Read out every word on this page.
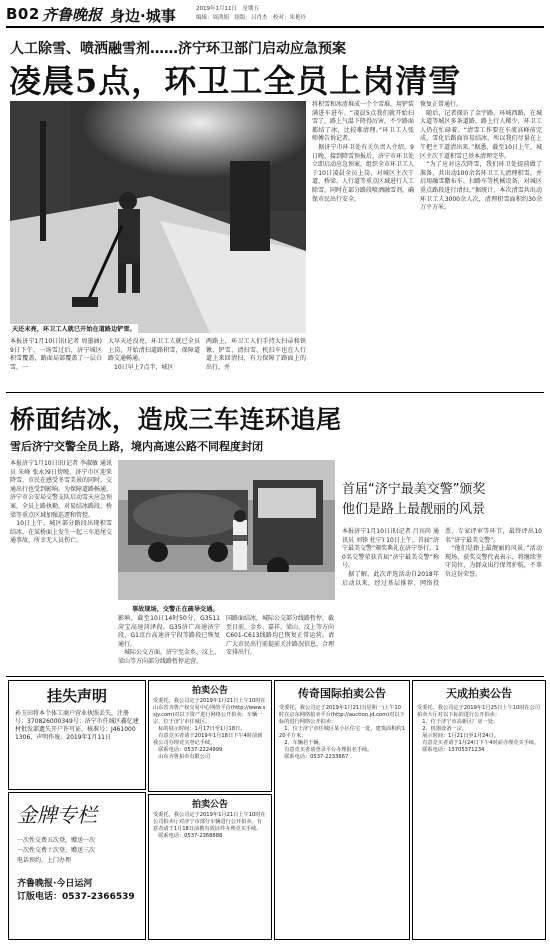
B02 齐鲁晚报 身边·城事	2019年1月11日　星期五
编辑：周鸿娟　组版：吕肖杰　校对：朱艳玲
人工除雪、喷洒融雪剂……济宁环卫部门启动应急预案
凌晨5点，环卫工全员上岗清雪
天还未亮，环卫工人就已开始在道路边铲雪。
本报济宁1月10日讯(记者 周墨涵) 9日下午，一场雪过后，济宁城区积雪覆盖，路面局部覆盖了一层白雪，一
大早天还没亮，环卫工人就已全员上岗，开始清扫道路积雪，保障道路交通畅通。
　10日早上7点半，城区
两路上，环卫工人们手持大扫帚和铁锹，铲雪、清扫雪，机扫车也在人行道上来回清扫，有力保障了路面上的出行，并
将积雪和冰渣堆成一个个雪堆，用铲装满进车进车。“凌晨5点我们就开始扫雪了，路上气温下降得厉害，不少路面都结了冰，比较难清理。”环卫工人张师傅告诉记者。
　据济宁市环卫处有关负责人介绍，9日晚，接到降雪预报后，济宁市环卫处立即启动应急预案，组织全市环卫工人于10日凌晨全员上岗，对城区主次干道、桥梁、人行道等重点区域进行人工除雪，同时在部分路段喷洒融雪剂，确保市民出行安全。
恢复正常通行。
　随后，记者探访了金宇路、环城西路，在城大道等城区多条道路，路上行人稀少，环卫工人仍在忙碌着。“清雪工作要在车流高峰前完成，雪化后路面容易结冰，所以我们尽量在上午把主干道清出来。”据悉，截至10日上午，城区主次干道积雪已基本清理完毕。
　“为了应对这次降雪，我们环卫处提前做了准备，共出动100余名环卫工人清理积雪，并启用融雪撒布车、扫路车等机械设备，对城区重点路段进行清扫。”据统计，本次清雪共出动环卫工人3000余人次，清理积雪面积约30余万平方米。
桥面结冰，造成三车连环追尾
雪后济宁交警全员上路，境内高速公路不同程度封闭
本报济宁1月10日讯(记者 李淑敏 通讯员 朱峰 张永)9日傍晚，济宁市区迎来降雪，市民在感受冬雪美景的同时，交通出行也受到影响。为保障道路畅通，济宁市公安局交警支队启动雪天应急预案，全员上路执勤，对易结冰路段、桥梁等重点区域加强巡逻和管控。
　10日上午，城区部分路段出现积雪结冰，在某桥面上发生一起三车追尾交通事故，所幸无人员伤亡。
事故现场，交警正在疏导交通。
影响，截至10日14时50分，G3511菏宝高速菏泽段，G35济广高速济宁段，G1京台高速济宁段等路段已恢复通行。
　城际公交方面，济宁至金乡、汶上、梁山等方向部分线路暂停运营。
国路面结冰，城际公交部分线路暂停，截至目前，金乡、嘉祥、梁山、汶上等方向C601-C613线路均已恢复正常运营。请广大市民出行前提前关注路况信息，合理安排出行。
首届“济宁最美交警”颁奖
他们是路上最靓丽的风景
本报济宁1月10日讯(记者 吕宾尚 通讯员 刘锋 杜宁) 10日上午，首届“济宁最美交警”颁奖典礼在济宁举行，10名交警荣获首届“济宁最美交警”称号。
　据了解，此次评选活动自2018年启动以来，经过基层推荐、网络投票、专家评审等环节，最终评出10名“济宁最美交警”。
　“他们是路上最靓丽的风景。”活动现场，获奖交警代表表示，将继续坚守岗位，为群众出行保驾护航，不辜负这份荣誉。
挂失声明
孙玉田将本个体工商户营业执照丢失，注册号：370826000349号；济宁市任城区鑫亿建材批发部遗失开户许可证，核准号：J4610001306，声明作废。2019年1月11日
金牌专栏
一次性交费五次登，赠送一次
一次性交费十次登，赠送三次
电话预约，上门办理
齐鲁晚报·今日运河
订版电话：0537-2366539
拍卖公告
受委托，我公司定于2019年1月21日上午10时在山东省齐鲁产权交易中心网络平台(http://www.ssjy.com)对以下资产进行网络公开拍卖：车辆一宗，位于济宁市任城区。
　标的展示时间：1月17日至1月18日。
　有意竞买者请于2019年1月18日下午4时前到我公司办理竞买登记手续。
　联系电话：0537-2224999
　山东齐鲁拍卖有限公司
拍卖公告
受委托，我公司定于2019年1月21日上午10时在公司拍卖厅对济宁市部分车辆进行公开拍卖。有意者请于1月18日前携有效证件办理竞买手续。
　联系电话：0537-2368888
传奇国际拍卖公告
受委托，我公司定于2019年1月21日(星期一)上午10时在京东网络拍卖平台(http://auction.jd.com)对以下标的进行网络公开拍卖：
　1、位于济宁市任城区某小区住宅一处，建筑面积约120平方米；
　2、车辆若干辆。
　有意竞买者请登录平台办理报名手续。
　联系电话：0537-2233667
天成拍卖公告
受委托，我公司定于2019年1月25日上午10时在公司拍卖大厅对以下标的进行公开拍卖：
　1、位于济宁市高新区厂房一处；
　2、机器设备一宗。
　展示时间：1月21日至1月24日。
　有意竞买者请于1月24日下午4时前办理竞买手续。
　联系电话：13705371234
